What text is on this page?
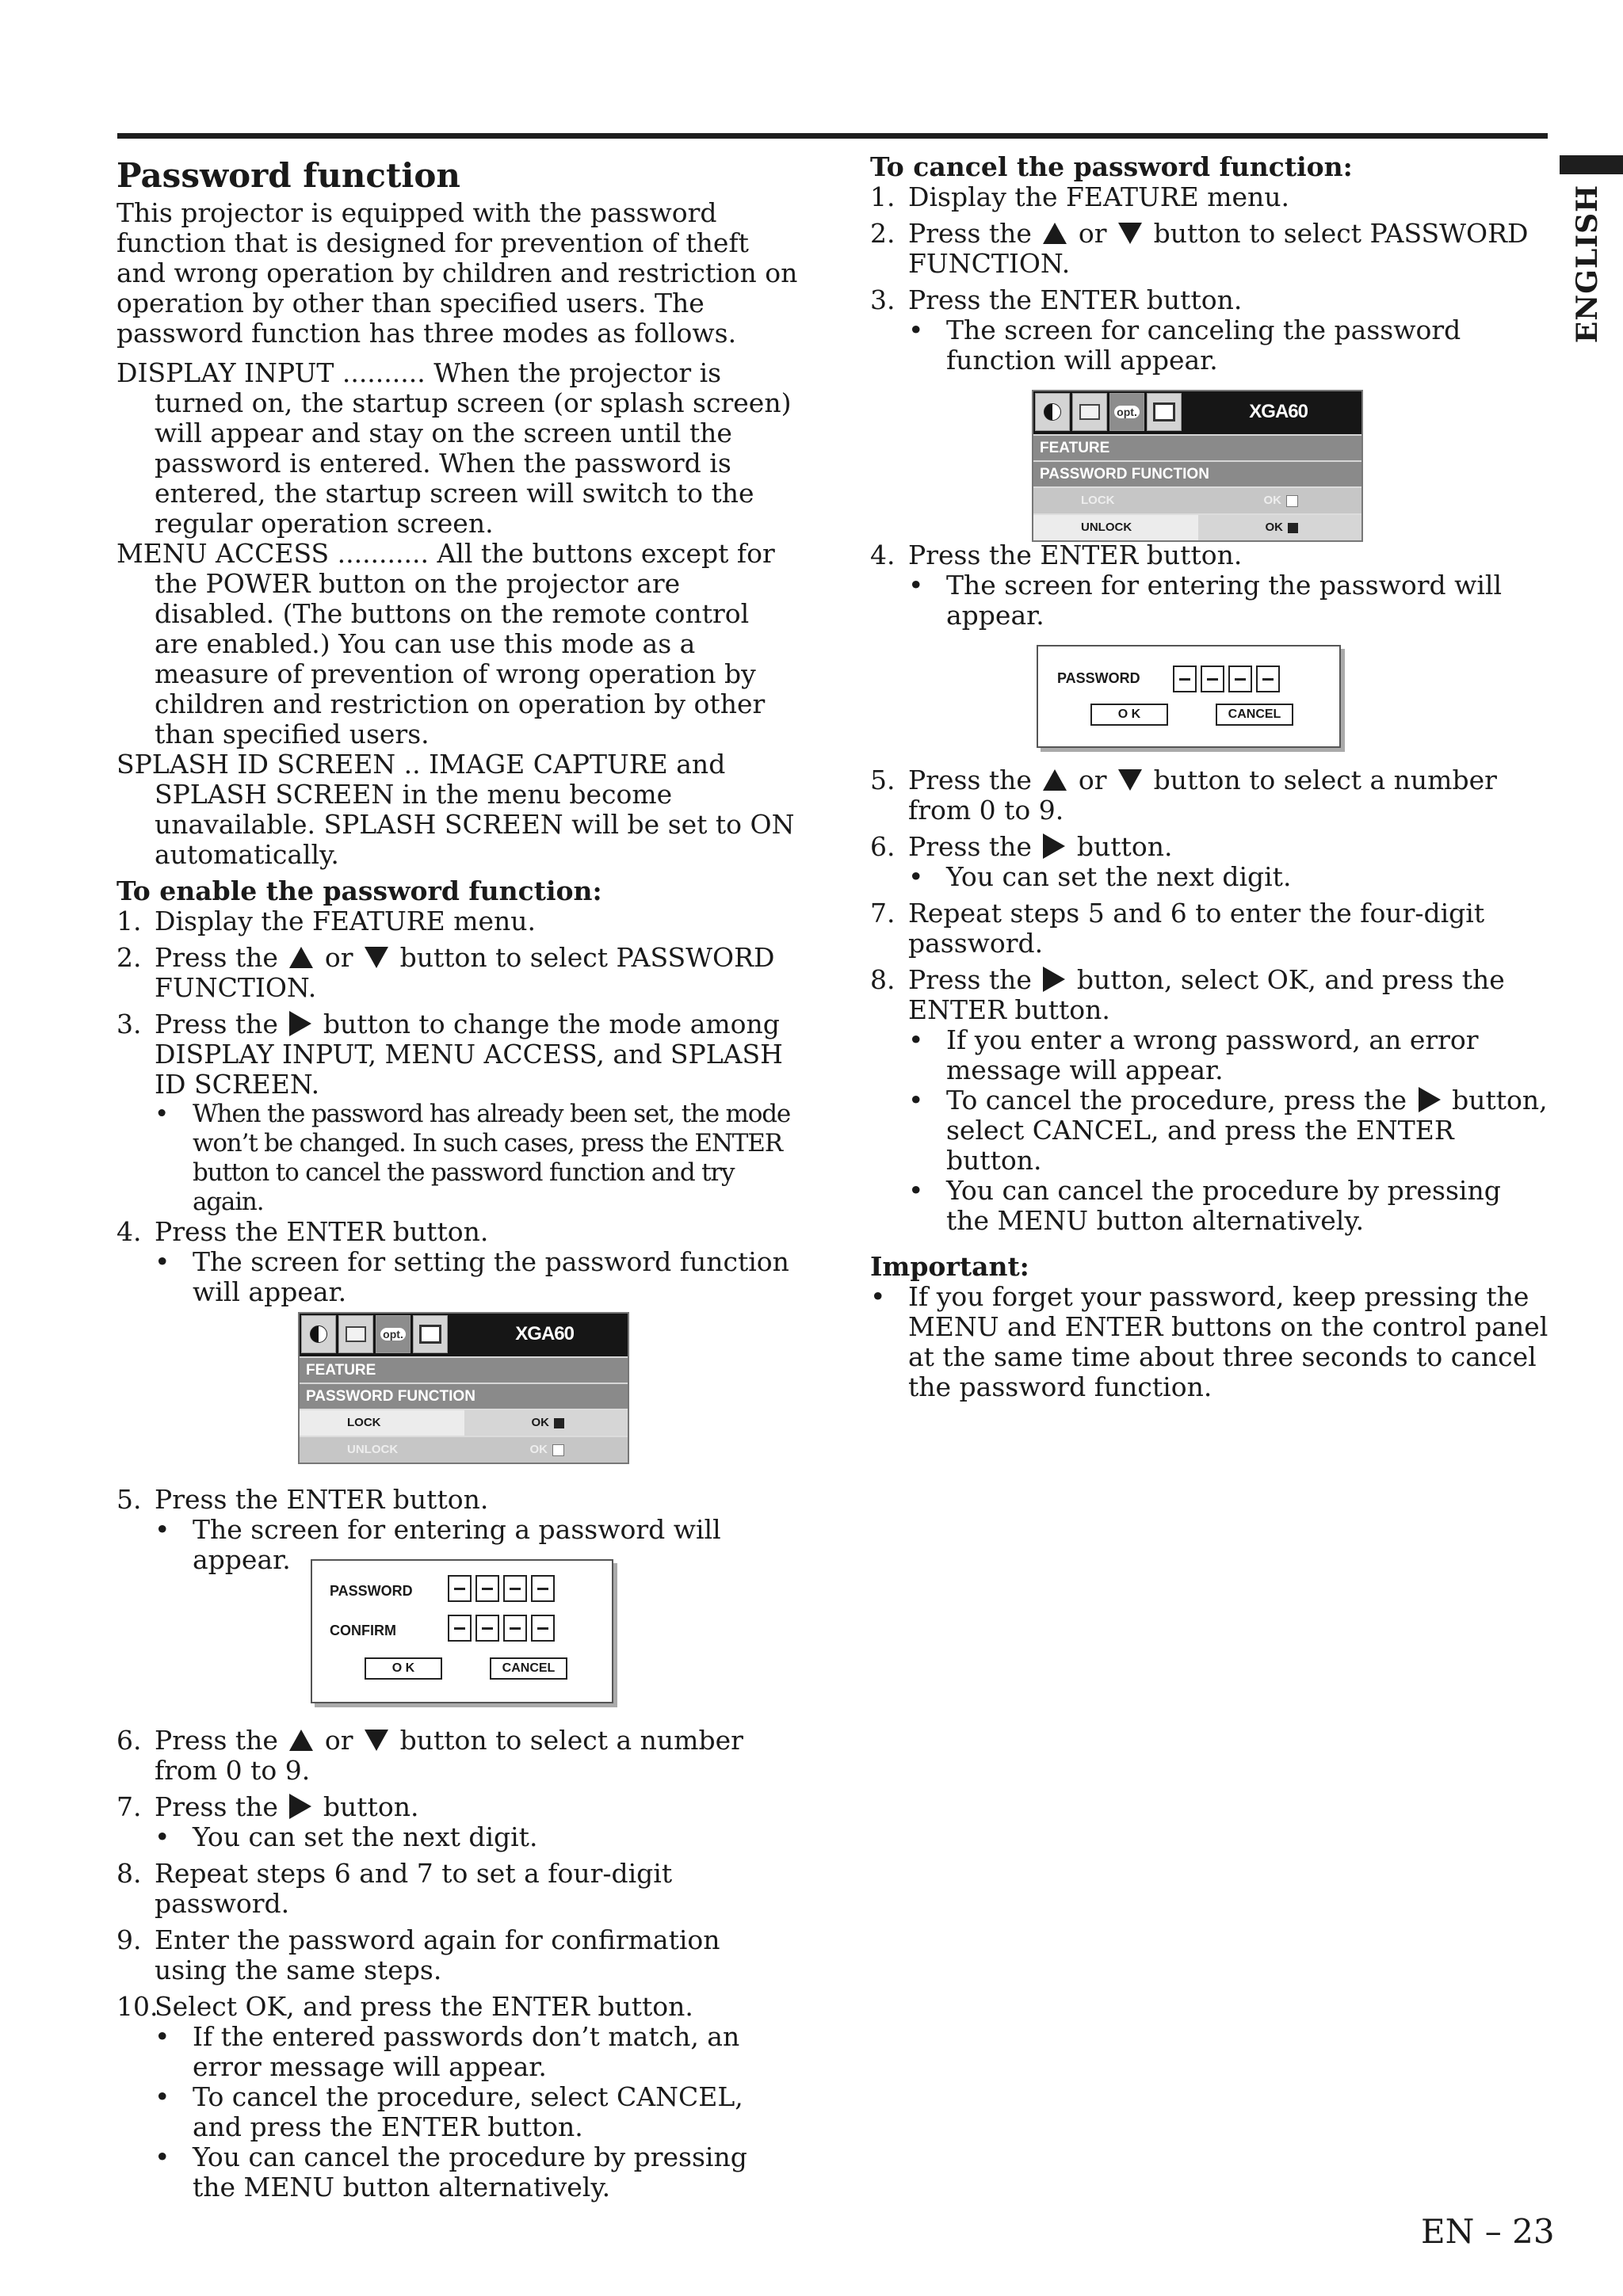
ENGLISH
Password function

This projector is equipped with the password function that is designed for prevention of theft and wrong operation by children and restriction on operation by other than specified users. The password function has three modes as follows.

DISPLAY INPUT .......... When the projector is turned on, the startup screen (or splash screen) will appear and stay on the screen until the password is entered. When the password is entered, the startup screen will switch to the regular operation screen.

MENU ACCESS ........... All the buttons except for the POWER button on the projector are disabled. (The buttons on the remote control are enabled.) You can use this mode as a measure of prevention of wrong operation by children and restriction on operation by other than specified users.

SPLASH ID SCREEN .. IMAGE CAPTURE and SPLASH SCREEN in the menu become unavailable. SPLASH SCREEN will be set to ON automatically.

To enable the password function:

1. Display the FEATURE menu.
2. Press the or button to select PASSWORD FUNCTION.
3. Press the button to change the mode among DISPLAY INPUT, MENU ACCESS, and SPLASH ID SCREEN.
• When the password has already been set, the mode won’t be changed. In such cases, press the ENTER button to cancel the password function and try again.
4. Press the ENTER button.
• The screen for setting the password function will appear.
opt.	XGA60
FEATURE
PASSWORD FUNCTION
LOCK	OK
UNLOCK	OK
5. Press the ENTER button.
• The screen for entering a password will appear.
PASSWORD
CONFIRM
O K	CANCEL
6. Press the or button to select a number from 0 to 9.
7. Press the button.
• You can set the next digit.
8. Repeat steps 6 and 7 to set a four-digit password.
9. Enter the password again for confirmation using the same steps.
10.
Select OK, and press the ENTER button.
• If the entered passwords don’t match, an error message will appear.
• To cancel the procedure, select CANCEL, and press the ENTER button.
• You can cancel the procedure by pressing the MENU button alternatively.

To cancel the password function:

1. Display the FEATURE menu.
2. Press the or button to select PASSWORD FUNCTION.
3. Press the ENTER button.
• The screen for canceling the password function will appear.
opt.	XGA60
FEATURE
PASSWORD FUNCTION
LOCK	OK
UNLOCK	OK
4. Press the ENTER button.
• The screen for entering the password will appear.
PASSWORD
O K	CANCEL
5. Press the or button to select a number from 0 to 9.
6. Press the button.
• You can set the next digit.
7. Repeat steps 5 and 6 to enter the four-digit password.
8. Press the button, select OK, and press the ENTER button.
• If you enter a wrong password, an error message will appear.
• To cancel the procedure, press the button, select CANCEL, and press the ENTER button.
• You can cancel the procedure by pressing the MENU button alternatively.

Important:

• If you forget your password, keep pressing the MENU and ENTER buttons on the control panel at the same time about three seconds to cancel the password function.
EN – 23
